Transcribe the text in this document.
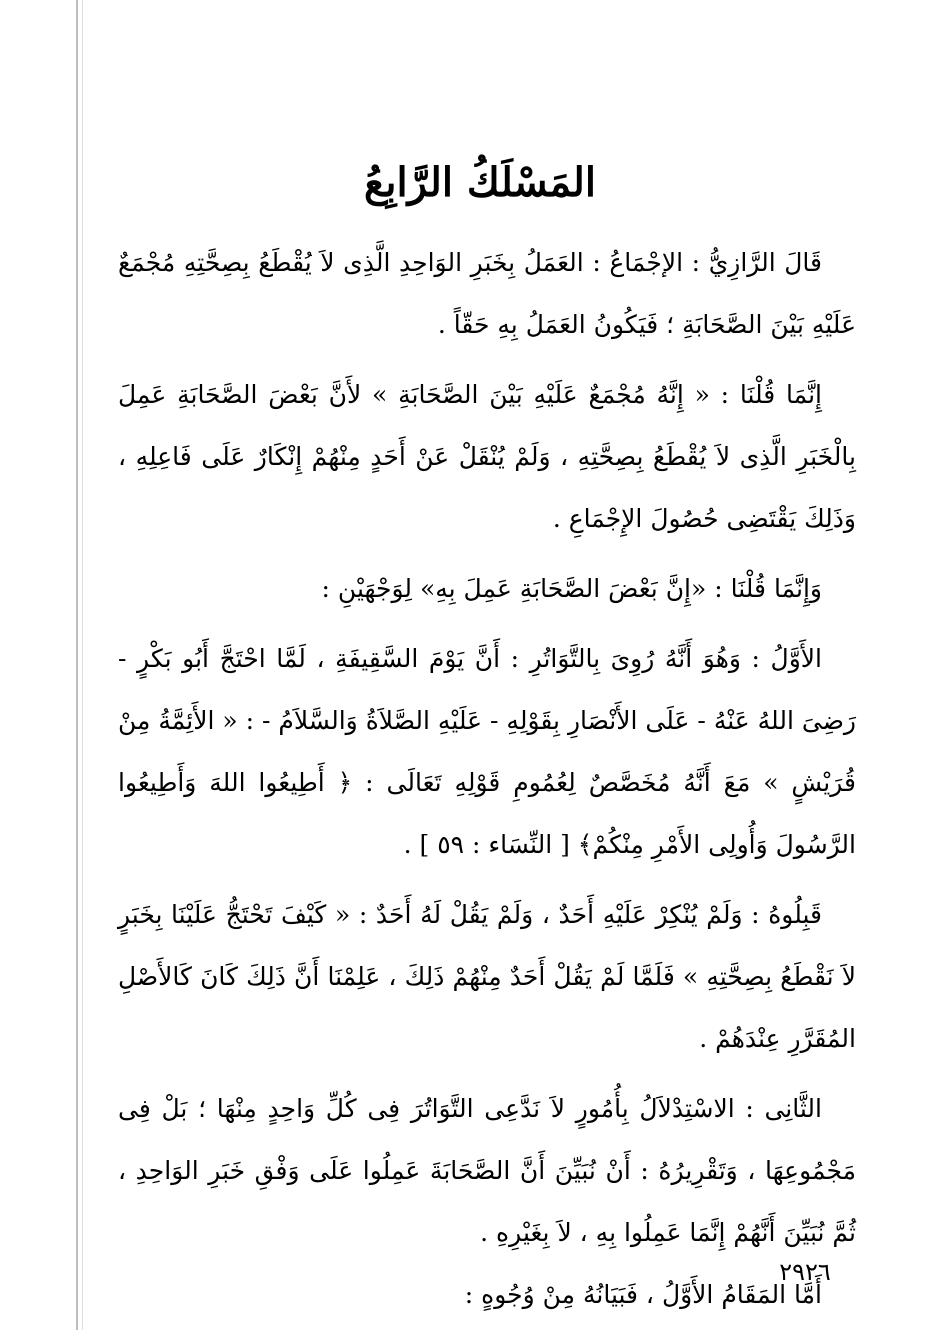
المَسْلَكُ الرَّابِعُ

قَالَ الرَّازِيُّ : الإجْمَاعُ : العَمَلُ بِخَبَرِ الوَاحِدِ الَّذِى لاَ يُقْطَعُ بِصِحَّتِهِ مُجْمَعٌ عَلَيْهِ بَيْنَ الصَّحَابَةِ ؛ فَيَكُونُ العَمَلُ بِهِ حَقّاً .

إِنَّمَا قُلْنَا : « إِنَّهُ مُجْمَعٌ عَلَيْهِ بَيْنَ الصَّحَابَةِ » لأَنَّ بَعْضَ الصَّحَابَةِ عَمِلَ بِالْخَبَرِ الَّذِى لاَ يُقْطَعُ بِصِحَّتِهِ ، وَلَمْ يُنْقَلْ عَنْ أَحَدٍ مِنْهُمْ إِنْكَارٌ عَلَى فَاعِلِهِ ، وَذَلِكَ يَقْتَضِى حُصُولَ الإِجْمَاعِ .

وَإِنَّمَا قُلْنَا : «إِنَّ بَعْضَ الصَّحَابَةِ عَمِلَ بِهِ» لِوَجْهَيْنِ :

الأَوَّلُ : وَهُوَ أَنَّهُ رُوِىَ بِالتَّوَاتُرِ : أَنَّ يَوْمَ السَّقِيفَةِ ، لَمَّا احْتَجَّ أَبُو بَكْرٍ - رَضِىَ اللهُ عَنْهُ - عَلَى الأَنْصَارِ بِقَوْلِهِ - عَلَيْهِ الصَّلاَةُ وَالسَّلاَمُ - : « الأَئِمَّةُ مِنْ قُرَيْشٍ » مَعَ أَنَّهُ مُخَصَّصٌ لِعُمُومِ قَوْلِهِ تَعَالَى : ﴿ أَطِيعُوا اللهَ وَأَطِيعُوا الرَّسُولَ وَأُولِى الأَمْرِ مِنْكُمْ﴾ [ النِّسَاء : ٥٩ ] .

قَبِلُوهُ : وَلَمْ يُنْكِرْ عَلَيْهِ أَحَدٌ ، وَلَمْ يَقُلْ لَهُ أَحَدٌ : « كَيْفَ تَحْتَجُّ عَلَيْنَا بِخَبَرٍ لاَ نَقْطَعُ بِصِحَّتِهِ » فَلَمَّا لَمْ يَقُلْ أَحَدٌ مِنْهُمْ ذَلِكَ ، عَلِمْنَا أَنَّ ذَلِكَ كَانَ كَالأَصْلِ المُقَرَّرِ عِنْدَهُمْ .

الثَّانِى : الاسْتِدْلاَلُ بِأُمُورٍ لاَ نَدَّعِى التَّوَاتُرَ فِى كُلِّ وَاحِدٍ مِنْهَا ؛ بَلْ فِى مَجْمُوعِهَا ، وَتَقْرِيرُهُ : أَنْ نُبَيِّنَ أَنَّ الصَّحَابَةَ عَمِلُوا عَلَى وَفْقِ خَبَرِ الوَاحِدِ ، ثُمَّ نُبَيِّنَ أَنَّهُمْ إِنَّمَا عَمِلُوا بِهِ ، لاَ بِغَيْرِهِ .

أَمَّا المَقَامُ الأَوَّلُ ، فَبَيَانُهُ مِنْ وُجُوهٍ :

٢٩٢٦
